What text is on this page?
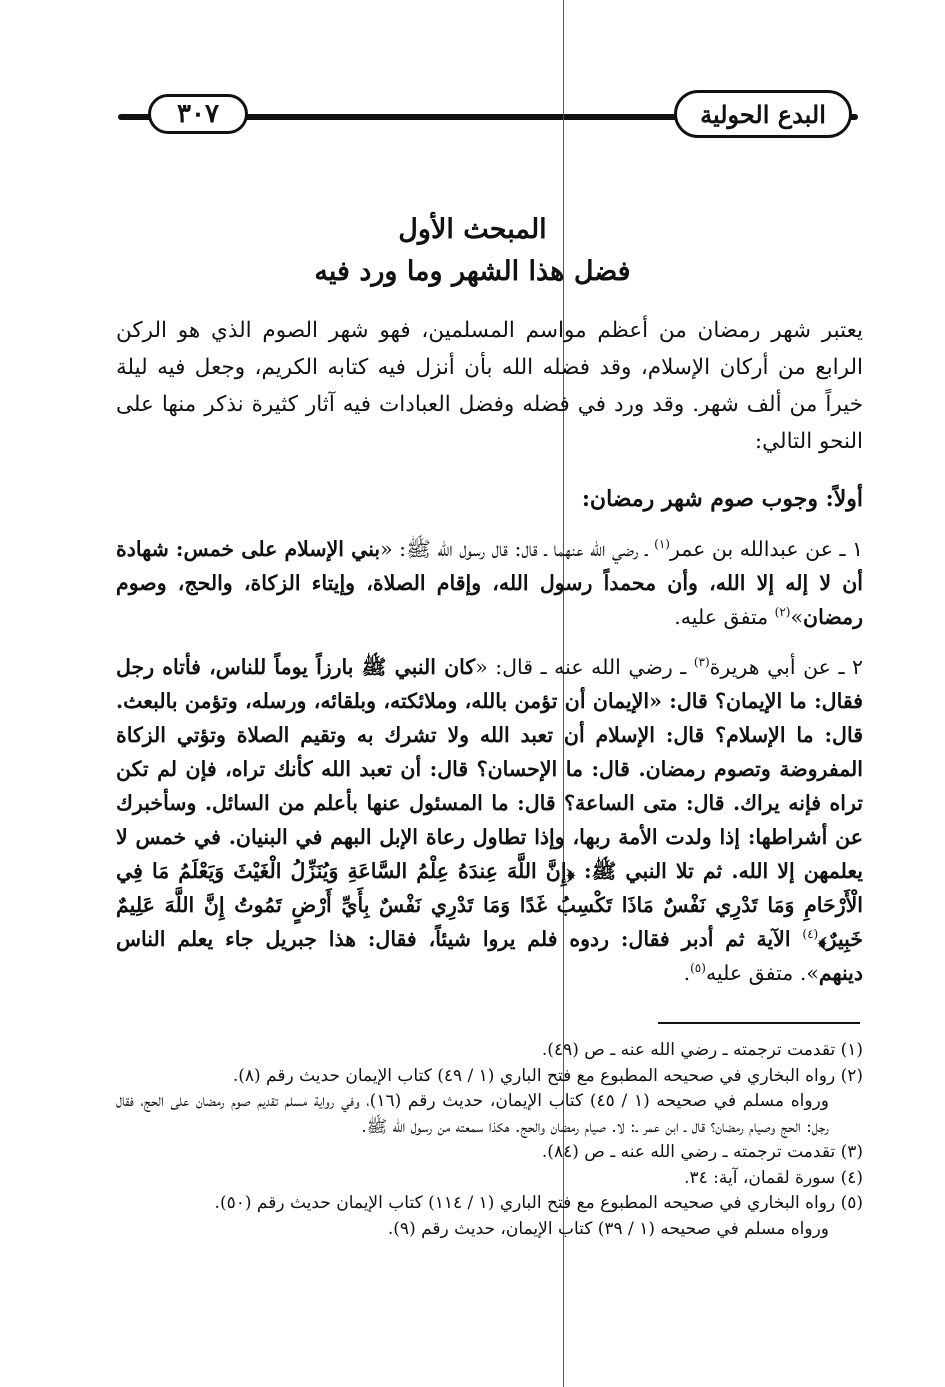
البدع الحولية
٣٠٧
المبحث الأول
فضل هذا الشهر وما ورد فيه

يعتبر شهر رمضان من أعظم مواسم المسلمين، فهو شهر الصوم الذي هو الركن الرابع من أركان الإسلام، وقد فضله الله بأن أنزل فيه كتابه الكريم، وجعل فيه ليلة خيراً من ألف شهر. وقد ورد في فضله وفضل العبادات فيه آثار كثيرة نذكر منها على النحو التالي:

أولاً: وجوب صوم شهر رمضان:

١ ـ عن عبدالله بن عمر$^{(١)}$ ـ رضي الله عنهما ـ قال: قال رسول الله ﷺ: «بني الإسلام على خمس: شهادة أن لا إله إلا الله، وأن محمداً رسول الله، وإقام الصلاة، وإيتاء الزكاة، والحج، وصوم رمضان»$^{(٢)}$ متفق عليه.

٢ ـ عن أبي هريرة$^{(٣)}$ ـ رضي الله عنه ـ قال: «كان النبي ﷺ بارزاً يوماً للناس، فأتاه رجل فقال: ما الإيمان؟ قال: «الإيمان أن تؤمن بالله، وملائكته، وبلقائه، ورسله، وتؤمن بالبعث. قال: ما الإسلام؟ قال: الإسلام أن تعبد الله ولا تشرك به وتقيم الصلاة وتؤتي الزكاة المفروضة وتصوم رمضان. قال: ما الإحسان؟ قال: أن تعبد الله كأنك تراه، فإن لم تكن تراه فإنه يراك. قال: متى الساعة؟ قال: ما المسئول عنها بأعلم من السائل. وسأخبرك عن أشراطها: إذا ولدت الأمة ربها، وإذا تطاول رعاة الإبل البهم في البنيان. في خمس لا يعلمهن إلا الله. ثم تلا النبي ﷺ: ﴿إِنَّ اللَّهَ عِندَهُ عِلْمُ السَّاعَةِ وَيُنَزِّلُ الْغَيْثَ وَيَعْلَمُ مَا فِي الْأَرْحَامِ وَمَا تَدْرِي نَفْسٌ مَاذَا تَكْسِبُ غَدًا وَمَا تَدْرِي نَفْسٌ بِأَيِّ أَرْضٍ تَمُوتُ إِنَّ اللَّهَ عَلِيمٌ خَبِيرٌ﴾$^{(٤)}$ الآية ثم أدبر فقال: ردوه فلم يروا شيئاً، فقال: هذا جبريل جاء يعلم الناس دينهم». متفق عليه$^{(٥)}$.

(١) تقدمت ترجمته ـ رضي الله عنه ـ ص (٤٩).
(٢) رواه البخاري في صحيحه المطبوع مع فتح الباري (١ / ٤٩) كتاب الإيمان حديث رقم (٨).
ورواه مسلم في صحيحه (١ / ٤٥) كتاب الإيمان، حديث رقم (١٦)، وفي رواية مسلم تقديم صوم رمضان على الحج، فقال رجل: الحج وصيام رمضان؟ قال ـ ابن عمر ـ: لا. صيام رمضان والحج. هكذا سمعته من رسول الله ﷺ.
(٣) تقدمت ترجمته ـ رضي الله عنه ـ ص (٨٤).
(٤) سورة لقمان، آية: ٣٤.
(٥) رواه البخاري في صحيحه المطبوع مع فتح الباري (١ / ١١٤) كتاب الإيمان حديث رقم (٥٠).
ورواه مسلم في صحيحه (١ / ٣٩) كتاب الإيمان، حديث رقم (٩).
